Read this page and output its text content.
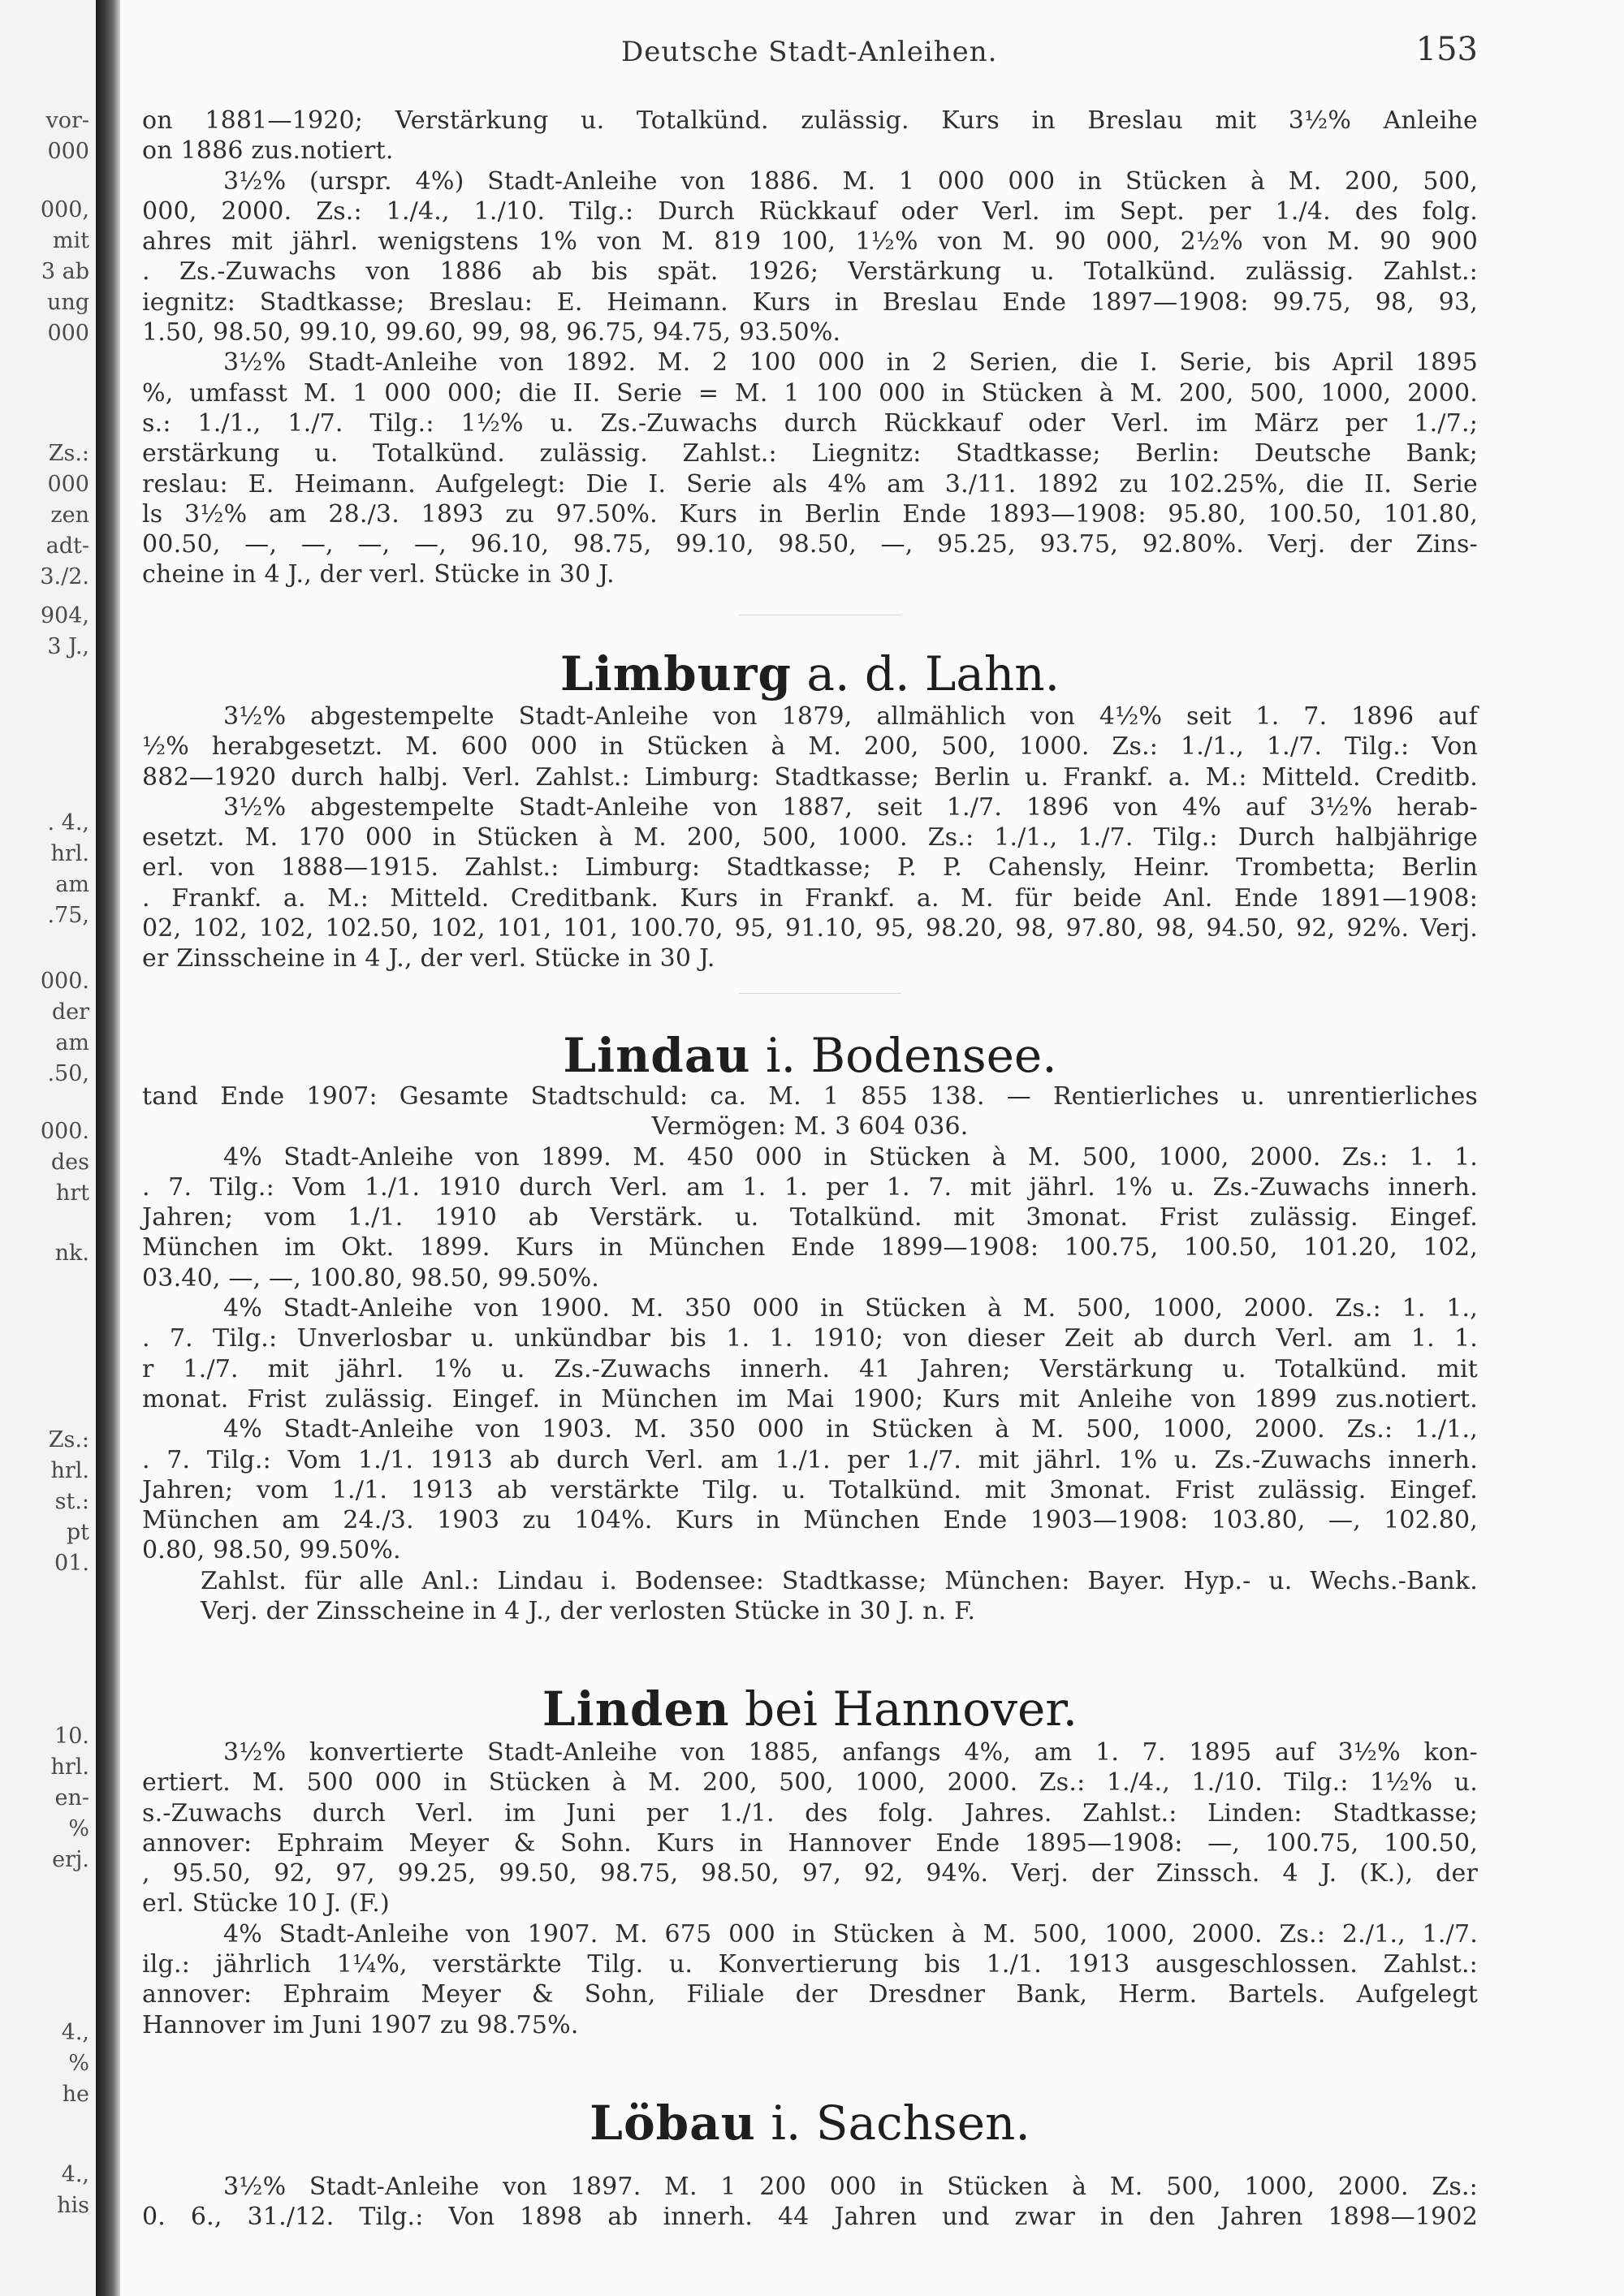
vor-
000
000,
mit
3 ab
ung
000
Zs.:
000
zen
adt-
3./2.
904,
3 J.,
. 4.,
hrl.
am
.75,
000.
der
am
.50,
000.
des
hrt
nk.
Zs.:
hrl.
st.:
pt
01.
10.
hrl.
en-
%
erj.
4.,
%
he
4.,
his
Deutsche Stadt-Anleihen.	153
on 1881—1920; Verstärkung u. Totalkünd. zulässig. Kurs in Breslau mit 3½% Anleihe
on 1886 zus.notiert.
3½% (urspr. 4%) Stadt-Anleihe von 1886. M. 1 000 000 in Stücken à M. 200, 500,
000, 2000. Zs.: 1./4., 1./10. Tilg.: Durch Rückkauf oder Verl. im Sept. per 1./4. des folg.
ahres mit jährl. wenigstens 1% von M. 819 100, 1½% von M. 90 000, 2½% von M. 90 900
. Zs.-Zuwachs von 1886 ab bis spät. 1926; Verstärkung u. Totalkünd. zulässig. Zahlst.:
iegnitz: Stadtkasse; Breslau: E. Heimann. Kurs in Breslau Ende 1897—1908: 99.75, 98, 93,
1.50, 98.50, 99.10, 99.60, 99, 98, 96.75, 94.75, 93.50%.
3½% Stadt-Anleihe von 1892. M. 2 100 000 in 2 Serien, die I. Serie, bis April 1895
%, umfasst M. 1 000 000; die II. Serie = M. 1 100 000 in Stücken à M. 200, 500, 1000, 2000.
s.: 1./1., 1./7. Tilg.: 1½% u. Zs.-Zuwachs durch Rückkauf oder Verl. im März per 1./7.;
erstärkung u. Totalkünd. zulässig. Zahlst.: Liegnitz: Stadtkasse; Berlin: Deutsche Bank;
reslau: E. Heimann. Aufgelegt: Die I. Serie als 4% am 3./11. 1892 zu 102.25%, die II. Serie
ls 3½% am 28./3. 1893 zu 97.50%. Kurs in Berlin Ende 1893—1908: 95.80, 100.50, 101.80,
00.50, —, —, —, —, 96.10, 98.75, 99.10, 98.50, —, 95.25, 93.75, 92.80%. Verj. der Zins-
cheine in 4 J., der verl. Stücke in 30 J.
Limburg a. d. Lahn.
3½% abgestempelte Stadt-Anleihe von 1879, allmählich von 4½% seit 1. 7. 1896 auf
½% herabgesetzt. M. 600 000 in Stücken à M. 200, 500, 1000. Zs.: 1./1., 1./7. Tilg.: Von
882—1920 durch halbj. Verl. Zahlst.: Limburg: Stadtkasse; Berlin u. Frankf. a. M.: Mitteld. Creditb.
3½% abgestempelte Stadt-Anleihe von 1887, seit 1./7. 1896 von 4% auf 3½% herab-
esetzt. M. 170 000 in Stücken à M. 200, 500, 1000. Zs.: 1./1., 1./7. Tilg.: Durch halbjährige
erl. von 1888—1915. Zahlst.: Limburg: Stadtkasse; P. P. Cahensly, Heinr. Trombetta; Berlin
. Frankf. a. M.: Mitteld. Creditbank. Kurs in Frankf. a. M. für beide Anl. Ende 1891—1908:
02, 102, 102, 102.50, 102, 101, 101, 100.70, 95, 91.10, 95, 98.20, 98, 97.80, 98, 94.50, 92, 92%. Verj.
er Zinsscheine in 4 J., der verl. Stücke in 30 J.
Lindau i. Bodensee.
tand Ende 1907: Gesamte Stadtschuld: ca. M. 1 855 138. — Rentierliches u. unrentierliches
Vermögen: M. 3 604 036.
4% Stadt-Anleihe von 1899. M. 450 000 in Stücken à M. 500, 1000, 2000. Zs.: 1. 1.
. 7. Tilg.: Vom 1./1. 1910 durch Verl. am 1. 1. per 1. 7. mit jährl. 1% u. Zs.-Zuwachs innerh.
Jahren; vom 1./1. 1910 ab Verstärk. u. Totalkünd. mit 3monat. Frist zulässig. Eingef.
München im Okt. 1899. Kurs in München Ende 1899—1908: 100.75, 100.50, 101.20, 102,
03.40, —, —, 100.80, 98.50, 99.50%.
4% Stadt-Anleihe von 1900. M. 350 000 in Stücken à M. 500, 1000, 2000. Zs.: 1. 1.,
. 7. Tilg.: Unverlosbar u. unkündbar bis 1. 1. 1910; von dieser Zeit ab durch Verl. am 1. 1.
r 1./7. mit jährl. 1% u. Zs.-Zuwachs innerh. 41 Jahren; Verstärkung u. Totalkünd. mit
monat. Frist zulässig. Eingef. in München im Mai 1900; Kurs mit Anleihe von 1899 zus.notiert.
4% Stadt-Anleihe von 1903. M. 350 000 in Stücken à M. 500, 1000, 2000. Zs.: 1./1.,
. 7. Tilg.: Vom 1./1. 1913 ab durch Verl. am 1./1. per 1./7. mit jährl. 1% u. Zs.-Zuwachs innerh.
Jahren; vom 1./1. 1913 ab verstärkte Tilg. u. Totalkünd. mit 3monat. Frist zulässig. Eingef.
München am 24./3. 1903 zu 104%. Kurs in München Ende 1903—1908: 103.80, —, 102.80,
0.80, 98.50, 99.50%.
Zahlst. für alle Anl.: Lindau i. Bodensee: Stadtkasse; München: Bayer. Hyp.- u. Wechs.-Bank.
Verj. der Zinsscheine in 4 J., der verlosten Stücke in 30 J. n. F.
Linden bei Hannover.
3½% konvertierte Stadt-Anleihe von 1885, anfangs 4%, am 1. 7. 1895 auf 3½% kon-
ertiert. M. 500 000 in Stücken à M. 200, 500, 1000, 2000. Zs.: 1./4., 1./10. Tilg.: 1½% u.
s.-Zuwachs durch Verl. im Juni per 1./1. des folg. Jahres. Zahlst.: Linden: Stadtkasse;
annover: Ephraim Meyer & Sohn. Kurs in Hannover Ende 1895—1908: —, 100.75, 100.50,
, 95.50, 92, 97, 99.25, 99.50, 98.75, 98.50, 97, 92, 94%. Verj. der Zinssch. 4 J. (K.), der
erl. Stücke 10 J. (F.)
4% Stadt-Anleihe von 1907. M. 675 000 in Stücken à M. 500, 1000, 2000. Zs.: 2./1., 1./7.
ilg.: jährlich 1¼%, verstärkte Tilg. u. Konvertierung bis 1./1. 1913 ausgeschlossen. Zahlst.:
annover: Ephraim Meyer & Sohn, Filiale der Dresdner Bank, Herm. Bartels. Aufgelegt
Hannover im Juni 1907 zu 98.75%.
Löbau i. Sachsen.
3½% Stadt-Anleihe von 1897. M. 1 200 000 in Stücken à M. 500, 1000, 2000. Zs.:
0. 6., 31./12. Tilg.: Von 1898 ab innerh. 44 Jahren und zwar in den Jahren 1898—1902
